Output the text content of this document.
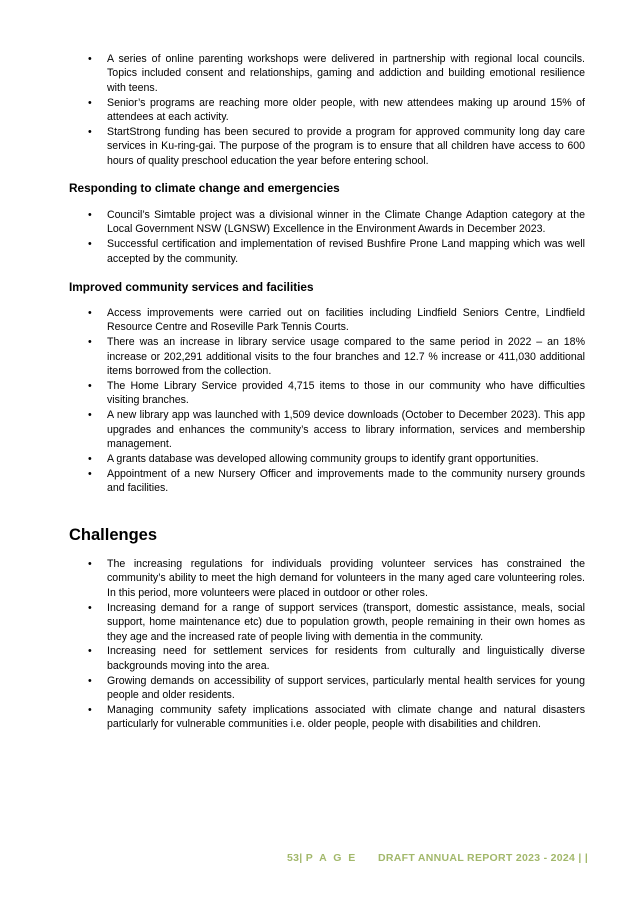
•	A series of online parenting workshops were delivered in partnership with regional local councils. Topics included consent and relationships, gaming and addiction and building emotional resilience with teens.
•	Senior’s programs are reaching more older people, with new attendees making up around 15% of attendees at each activity.
•	StartStrong funding has been secured to provide a program for approved community long day care services in Ku-ring-gai. The purpose of the program is to ensure that all children have access to 600 hours of quality preschool education the year before entering school.
Responding to climate change and emergencies
•	Council’s Simtable project was a divisional winner in the Climate Change Adaption category at the Local Government NSW (LGNSW) Excellence in the Environment Awards in December 2023.
•	Successful certification and implementation of revised Bushfire Prone Land mapping which was well accepted by the community.
Improved community services and facilities
•	Access improvements were carried out on facilities including Lindfield Seniors Centre, Lindfield Resource Centre and Roseville Park Tennis Courts.
•	There was an increase in library service usage compared to the same period in 2022 – an 18% increase or 202,291 additional visits to the four branches and 12.7 % increase or 411,030 additional items borrowed from the collection.
•	The Home Library Service provided 4,715 items to those in our community who have difficulties visiting branches.
•	A new library app was launched with 1,509 device downloads (October to December 2023). This app upgrades and enhances the community’s access to library information, services and membership management.
•	A grants database was developed allowing community groups to identify grant opportunities.
•	Appointment of a new Nursery Officer and improvements made to the community nursery grounds and facilities.
Challenges
•	The increasing regulations for individuals providing volunteer services has constrained the community’s ability to meet the high demand for volunteers in the many aged care volunteering roles. In this period, more volunteers were placed in outdoor or other roles.
•	Increasing demand for a range of support services (transport, domestic assistance, meals, social support, home maintenance etc) due to population growth, people remaining in their own homes as they age and the increased rate of people living with dementia in the community.
•	Increasing need for settlement services for residents from culturally and linguistically diverse backgrounds moving into the area.
•	Growing demands on accessibility of support services, particularly mental health services for young people and older residents.
•	Managing community safety implications associated with climate change and natural disasters particularly for vulnerable communities i.e. older people, people with disabilities and children.
53| P A G E DRAFT ANNUAL REPORT 2023 - 2024 | |
